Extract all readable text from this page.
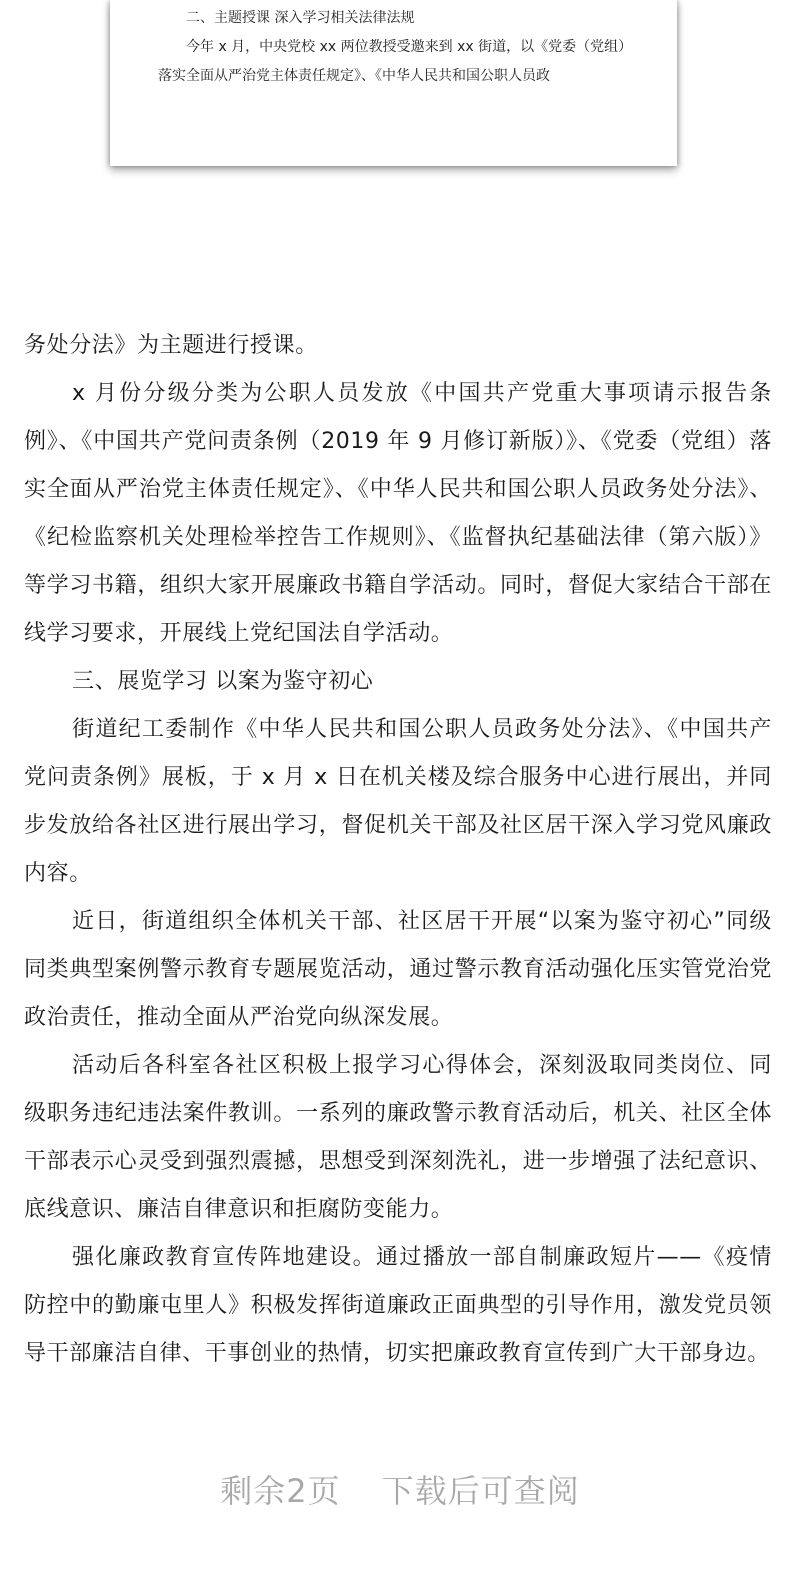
二、主题授课 深入学习相关法律法规

今年 x 月，中央党校 xx 两位教授受邀来到 xx 街道，以《党委（党组）落实全面从严治党主体责任规定》、《中华人民共和国公职人员政

务处分法》为主题进行授课。

x 月份分级分类为公职人员发放《中国共产党重大事项请示报告条例》、《中国共产党问责条例（2019 年 9 月修订新版）》、《党委（党组）落实全面从严治党主体责任规定》、《中华人民共和国公职人员政务处分法》、《纪检监察机关处理检举控告工作规则》、《监督执纪基础法律（第六版）》等学习书籍，组织大家开展廉政书籍自学活动。同时，督促大家结合干部在线学习要求，开展线上党纪国法自学活动。

三、展览学习 以案为鉴守初心

街道纪工委制作《中华人民共和国公职人员政务处分法》、《中国共产党问责条例》展板，于 x 月 x 日在机关楼及综合服务中心进行展出，并同步发放给各社区进行展出学习，督促机关干部及社区居干深入学习党风廉政内容。

近日，街道组织全体机关干部、社区居干开展“以案为鉴守初心”同级同类典型案例警示教育专题展览活动，通过警示教育活动强化压实管党治党政治责任，推动全面从严治党向纵深发展。

活动后各科室各社区积极上报学习心得体会，深刻汲取同类岗位、同级职务违纪违法案件教训。一系列的廉政警示教育活动后，机关、社区全体干部表示心灵受到强烈震撼，思想受到深刻洗礼，进一步增强了法纪意识、底线意识、廉洁自律意识和拒腐防变能力。

强化廉政教育宣传阵地建设。通过播放一部自制廉政短片——《疫情防控中的勤廉屯里人》积极发挥街道廉政正面典型的引导作用，激发党员领导干部廉洁自律、干事创业的热情，切实把廉政教育宣传到广大干部身边。

剩余2页 下载后可查阅
